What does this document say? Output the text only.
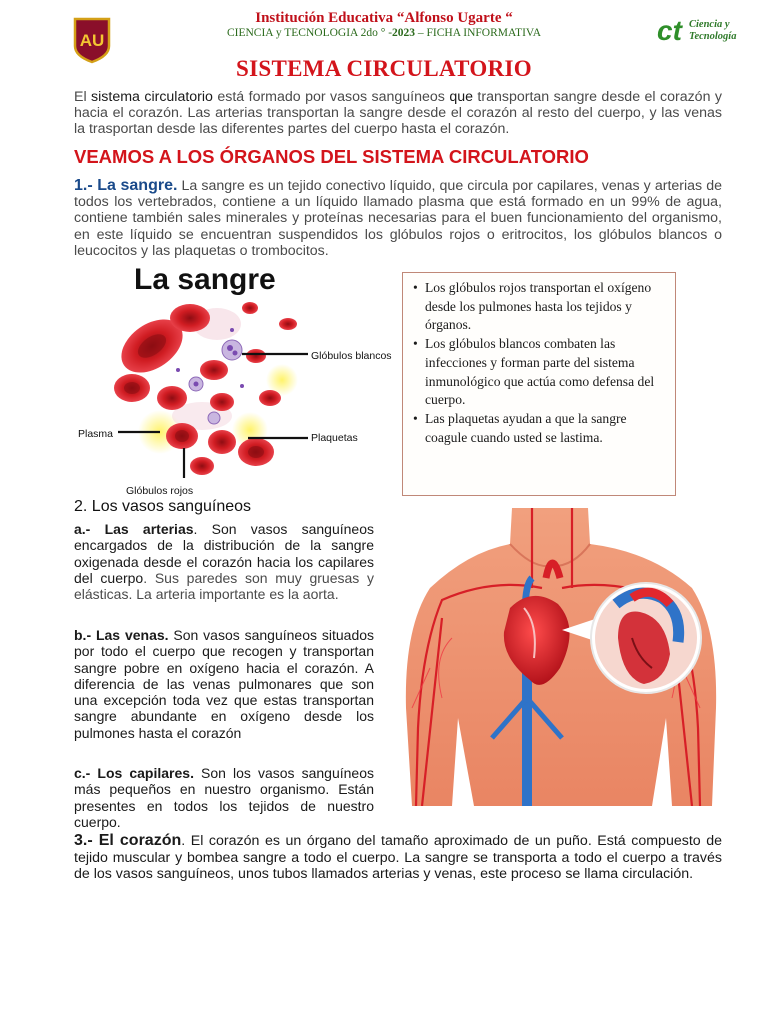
AU
Institución Educativa “Alfonso Ugarte “
CIENCIA y TECNOLOGIA 2do ° -2023 – FICHA INFORMATIVA	ct Ciencia y
Tecnología
SISTEMA CIRCULATORIO

El sistema circulatorio está formado por vasos sanguíneos que transportan sangre desde el corazón y hacia el corazón. Las arterias transportan la sangre desde el corazón al resto del cuerpo, y las venas la trasportan desde las diferentes partes del cuerpo hasta el corazón.

VEAMOS A LOS ÓRGANOS DEL SISTEMA CIRCULATORIO

1.- La sangre. La sangre es un tejido conectivo líquido, que circula por capilares, venas y arterias de todos los vertebrados, contiene a un líquido llamado plasma que está formado en un 99% de agua, contiene también sales minerales y proteínas necesarias para el buen funcionamiento del organismo, en este líquido se encuentran suspendidos los glóbulos rojos o eritrocitos, los glóbulos blancos o leucocitos y las plaquetas o trombocitos.

La sangre
Glóbulos blancos
Plasma	Plaquetas
Glóbulos rojos
• Los glóbulos rojos transportan el oxígeno desde los pulmones hasta los tejidos y órganos.
• Los glóbulos blancos combaten las infecciones y forman parte del sistema inmunológico que actúa como defensa del cuerpo.
• Las plaquetas ayudan a que la sangre coagule cuando usted se lastima.
2. Los vasos sanguíneos

a.- Las arterias. Son vasos sanguíneos encargados de la distribución de la sangre oxigenada desde el corazón hacia los capilares del cuerpo. Sus paredes son muy gruesas y elásticas. La arteria importante es la aorta.

b.- Las venas. Son vasos sanguíneos situados por todo el cuerpo que recogen y transportan sangre pobre en oxígeno hacia el corazón. A diferencia de las venas pulmonares que son una excepción toda vez que estas transportan sangre abundante en oxígeno desde los pulmones hasta el corazón

c.- Los capilares. Son los vasos sanguíneos más pequeños en nuestro organismo. Están presentes en todos los tejidos de nuestro cuerpo.

3.- El corazón. El corazón es un órgano del tamaño aproximado de un puño. Está compuesto de tejido muscular y bombea sangre a todo el cuerpo. La sangre se transporta a todo el cuerpo a través de los vasos sanguíneos, unos tubos llamados arterias y venas, este proceso se llama circulación.
